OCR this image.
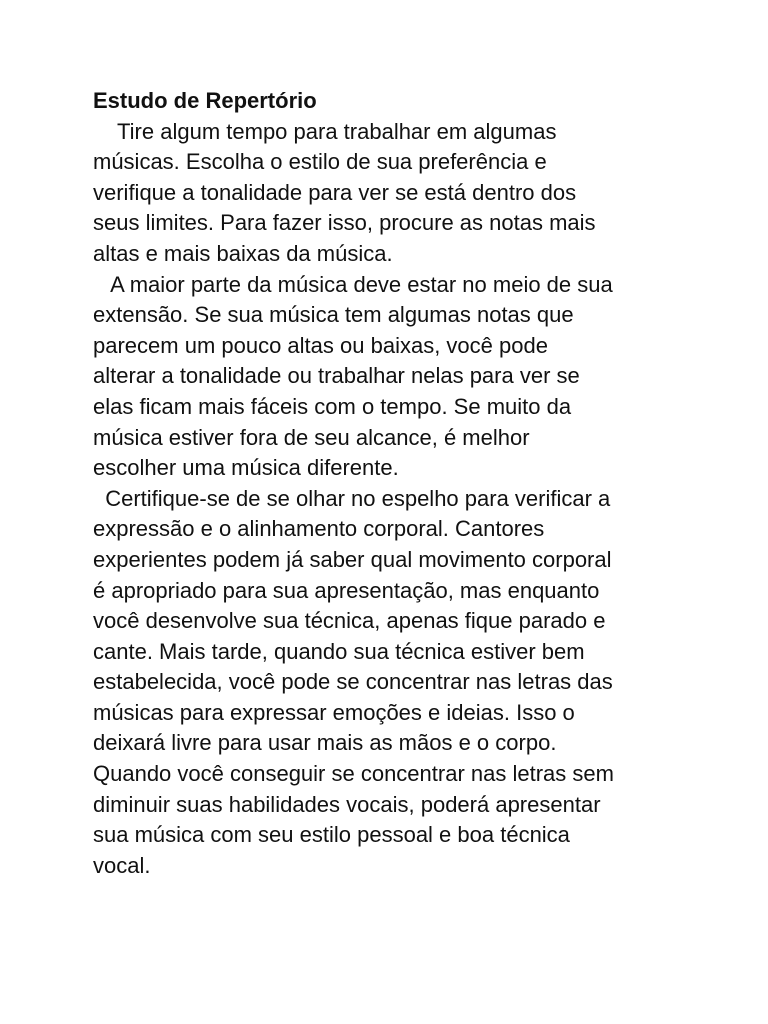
Estudo de Repertório

Tire algum tempo para trabalhar em algumas

músicas. Escolha o estilo de sua preferência e

verifique a tonalidade para ver se está dentro dos

seus limites. Para fazer isso, procure as notas mais

altas e mais baixas da música.

A maior parte da música deve estar no meio de sua

extensão. Se sua música tem algumas notas que

parecem um pouco altas ou baixas, você pode

alterar a tonalidade ou trabalhar nelas para ver se

elas ficam mais fáceis com o tempo. Se muito da

música estiver fora de seu alcance, é melhor

escolher uma música diferente.

Certifique-se de se olhar no espelho para verificar a

expressão e o alinhamento corporal. Cantores

experientes podem já saber qual movimento corporal

é apropriado para sua apresentação, mas enquanto

você desenvolve sua técnica, apenas fique parado e

cante. Mais tarde, quando sua técnica estiver bem

estabelecida, você pode se concentrar nas letras das

músicas para expressar emoções e ideias. Isso o

deixará livre para usar mais as mãos e o corpo.

Quando você conseguir se concentrar nas letras sem

diminuir suas habilidades vocais, poderá apresentar

sua música com seu estilo pessoal e boa técnica

vocal.
